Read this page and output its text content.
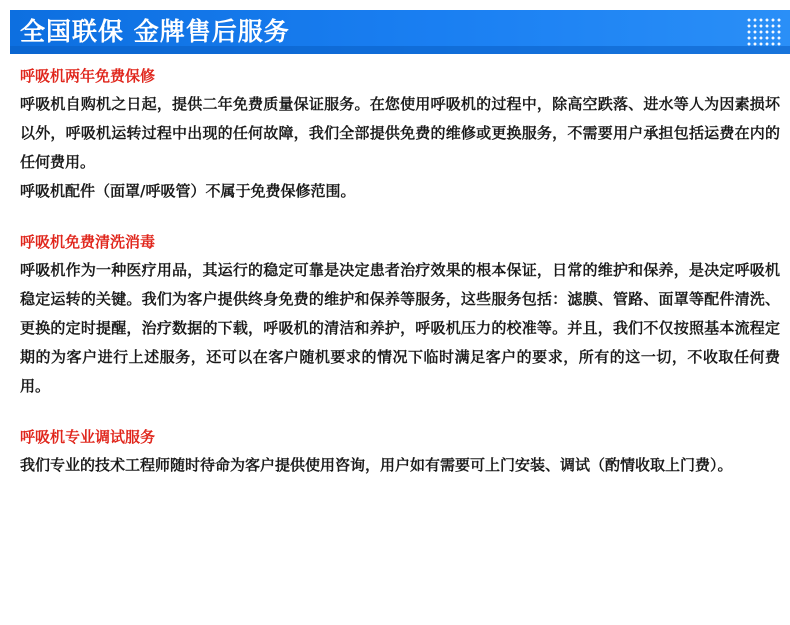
全国联保 金牌售后服务
呼吸机两年免费保修

呼吸机自购机之日起，提供二年免费质量保证服务。在您使用呼吸机的过程中，除高空跌落、进水等人为因素损坏以外，呼吸机运转过程中出现的任何故障，我们全部提供免费的维修或更换服务，不需要用户承担包括运费在内的任何费用。

呼吸机配件（面罩/呼吸管）不属于免费保修范围。

呼吸机免费清洗消毒

呼吸机作为一种医疗用品，其运行的稳定可靠是决定患者治疗效果的根本保证，日常的维护和保养，是决定呼吸机稳定运转的关键。我们为客户提供终身免费的维护和保养等服务，这些服务包括：滤膜、管路、面罩等配件清洗、更换的定时提醒，治疗数据的下载，呼吸机的清洁和养护，呼吸机压力的校准等。并且，我们不仅按照基本流程定期的为客户进行上述服务，还可以在客户随机要求的情况下临时满足客户的要求，所有的这一切，不收取任何费用。

呼吸机专业调试服务

我们专业的技术工程师随时待命为客户提供使用咨询，用户如有需要可上门安装、调试（酌情收取上门费）。
